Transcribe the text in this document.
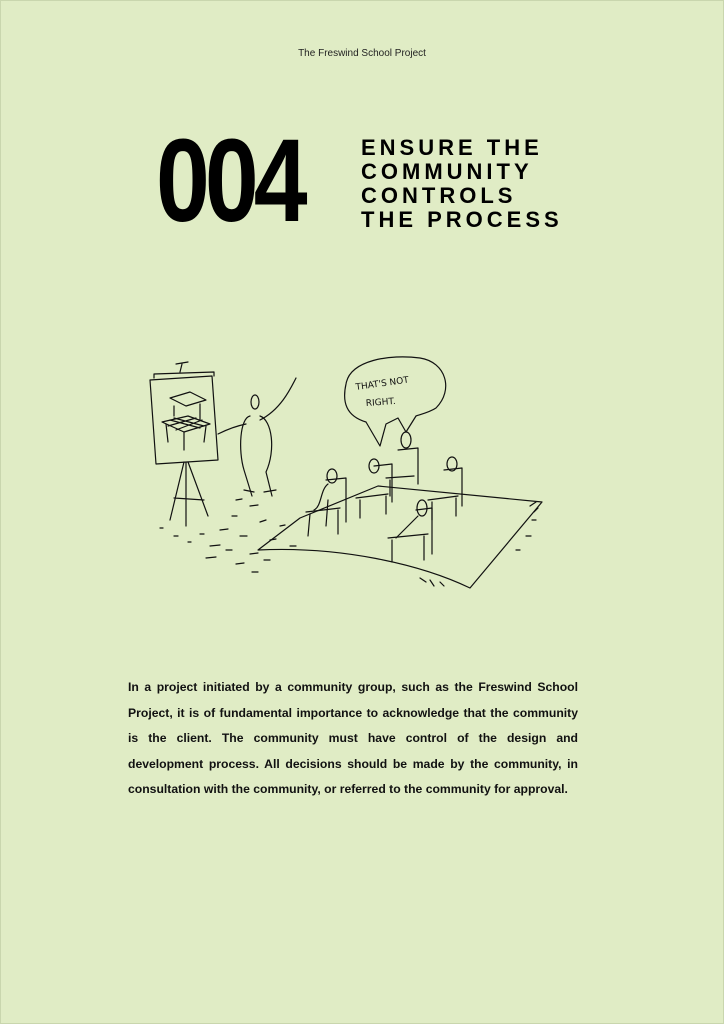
The Freswind School Project
004	ENSURE THE
COMMUNITY
CONTROLS
THE PROCESS
THAT'S NOT
RIGHT.
In a project initiated by a community group, such as the Freswind School Project, it is of fundamental importance to acknowledge that the community is the client. The community must have control of the design and development process. All decisions should be made by the community, in consultation with the community, or referred to the community for approval.
